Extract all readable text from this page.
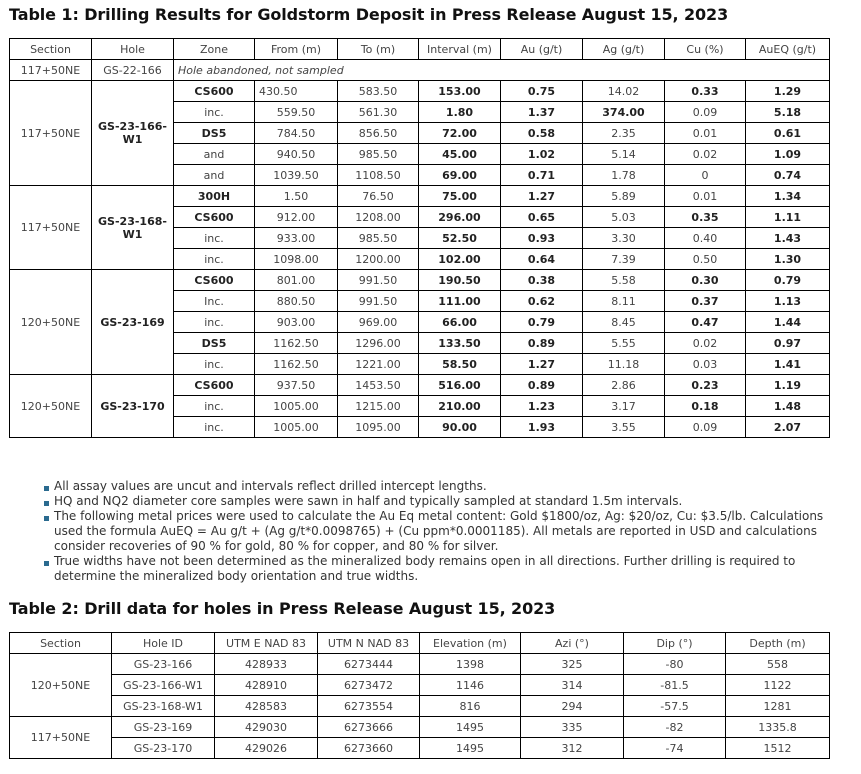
Table 1: Drilling Results for Goldstorm Deposit in Press Release August 15, 2023
Section	Hole	Zone	From (m)	To (m)	Interval (m)	Au (g/t)	Ag (g/t)	Cu (%)	AuEQ (g/t)
117+50NE	GS-22-166	Hole abandoned, not sampled							
117+50NE	GS-23-166-W1	CS600	430.50	583.50	153.00	0.75	14.02	0.33	1.29
		inc.	559.50	561.30	1.80	1.37	374.00	0.09	5.18
		DS5	784.50	856.50	72.00	0.58	2.35	0.01	0.61
		and	940.50	985.50	45.00	1.02	5.14	0.02	1.09
		and	1039.50	1108.50	69.00	0.71	1.78	0	0.74
117+50NE	GS-23-168-W1	300H	1.50	76.50	75.00	1.27	5.89	0.01	1.34
		CS600	912.00	1208.00	296.00	0.65	5.03	0.35	1.11
		inc.	933.00	985.50	52.50	0.93	3.30	0.40	1.43
		inc.	1098.00	1200.00	102.00	0.64	7.39	0.50	1.30
120+50NE	GS-23-169	CS600	801.00	991.50	190.50	0.38	5.58	0.30	0.79
		Inc.	880.50	991.50	111.00	0.62	8.11	0.37	1.13
		inc.	903.00	969.00	66.00	0.79	8.45	0.47	1.44
		DS5	1162.50	1296.00	133.50	0.89	5.55	0.02	0.97
		inc.	1162.50	1221.00	58.50	1.27	11.18	0.03	1.41
120+50NE	GS-23-170	CS600	937.50	1453.50	516.00	0.89	2.86	0.23	1.19
		inc.	1005.00	1215.00	210.00	1.23	3.17	0.18	1.48
		inc.	1005.00	1095.00	90.00	1.93	3.55	0.09	2.07
All assay values are uncut and intervals reflect drilled intercept lengths.
HQ and NQ2 diameter core samples were sawn in half and typically sampled at standard 1.5m intervals.
The following metal prices were used to calculate the Au Eq metal content: Gold $1800/oz, Ag: $20/oz, Cu: $3.5/lb. Calculations used the formula AuEQ = Au g/t + (Ag g/t*0.0098765) + (Cu ppm*0.0001185). All metals are reported in USD and calculations consider recoveries of 90 % for gold, 80 % for copper, and 80 % for silver.
True widths have not been determined as the mineralized body remains open in all directions. Further drilling is required to determine the mineralized body orientation and true widths.
Table 2: Drill data for holes in Press Release August 15, 2023
Section	Hole ID	UTM E NAD 83	UTM N NAD 83	Elevation (m)	Azi (°)	Dip (°)	Depth (m)
120+50NE	GS-23-166	428933	6273444	1398	325	-80	558
	GS-23-166-W1	428910	6273472	1146	314	-81.5	1122
	GS-23-168-W1	428583	6273554	816	294	-57.5	1281
117+50NE	GS-23-169	429030	6273666	1495	335	-82	1335.8
	GS-23-170	429026	6273660	1495	312	-74	1512
